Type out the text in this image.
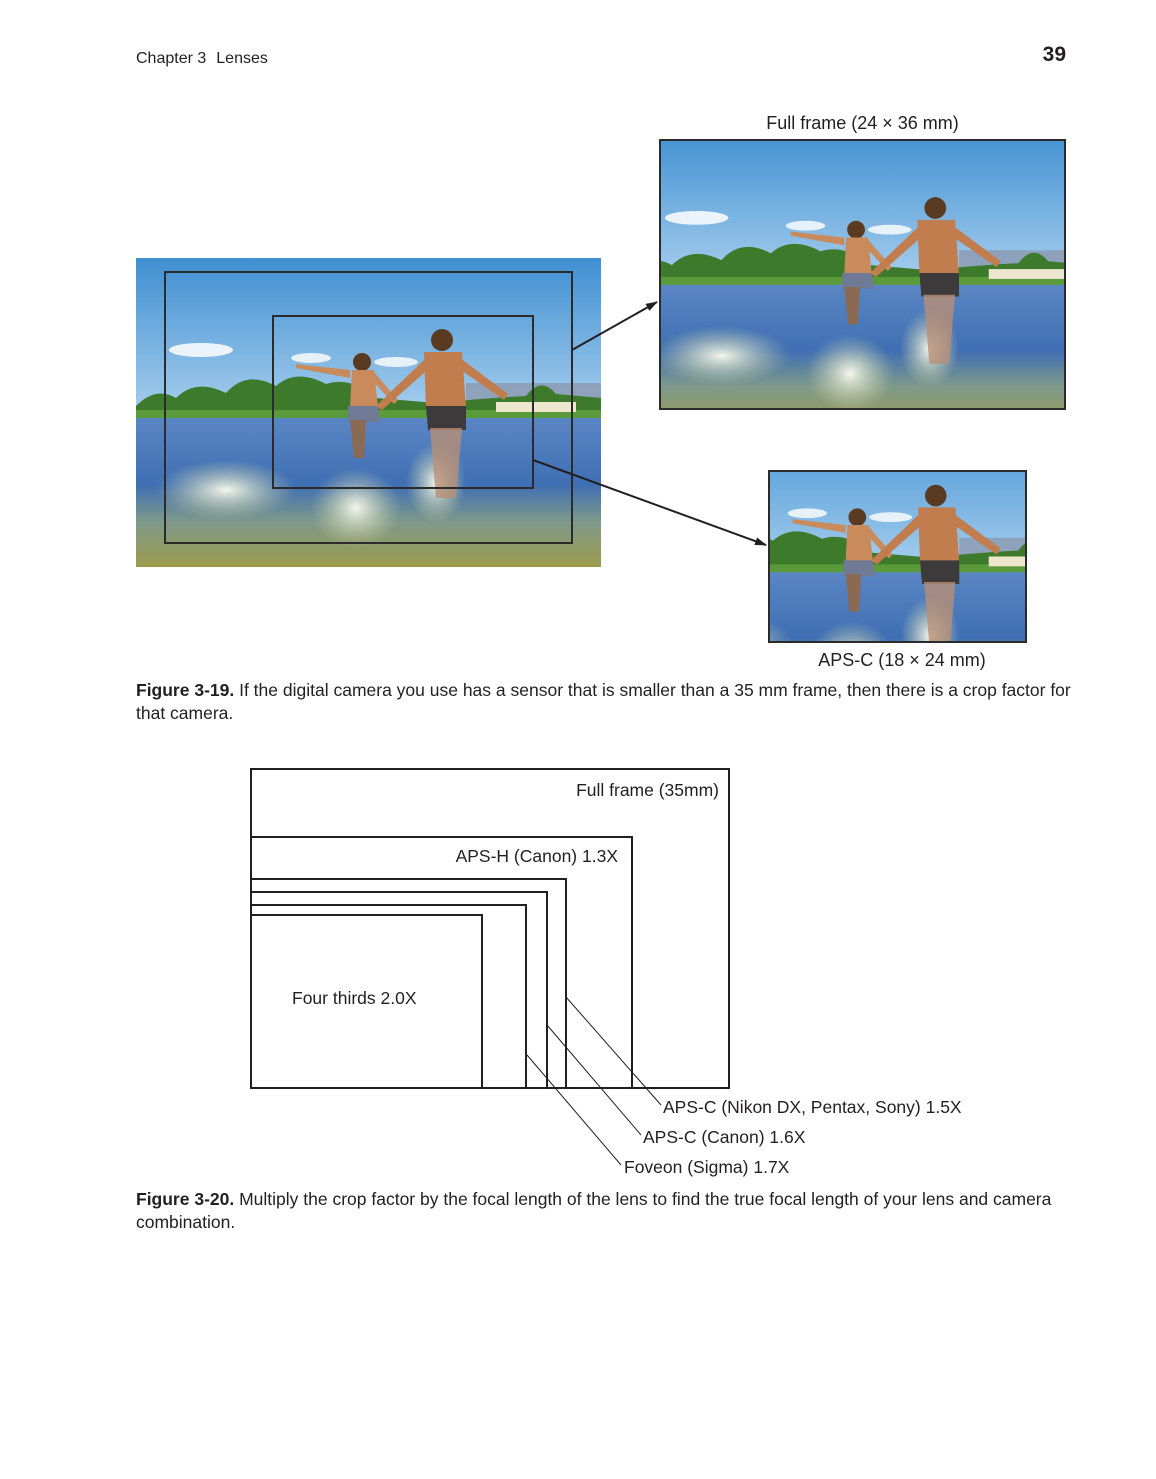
Chapter 3 Lenses	39
Full frame (24 × 36 mm)
APS-C (18 × 24 mm)
Figure 3-19. If the digital camera you use has a sensor that is smaller than a 35 mm frame, then there is a crop factor for that camera.
Full frame (35mm)
APS-H (Canon) 1.3X
Four thirds 2.0X
APS-C (Nikon DX, Pentax, Sony) 1.5X
APS-C (Canon) 1.6X
Foveon (Sigma) 1.7X
Figure 3-20. Multiply the crop factor by the focal length of the lens to find the true focal length of your lens and camera combination.
